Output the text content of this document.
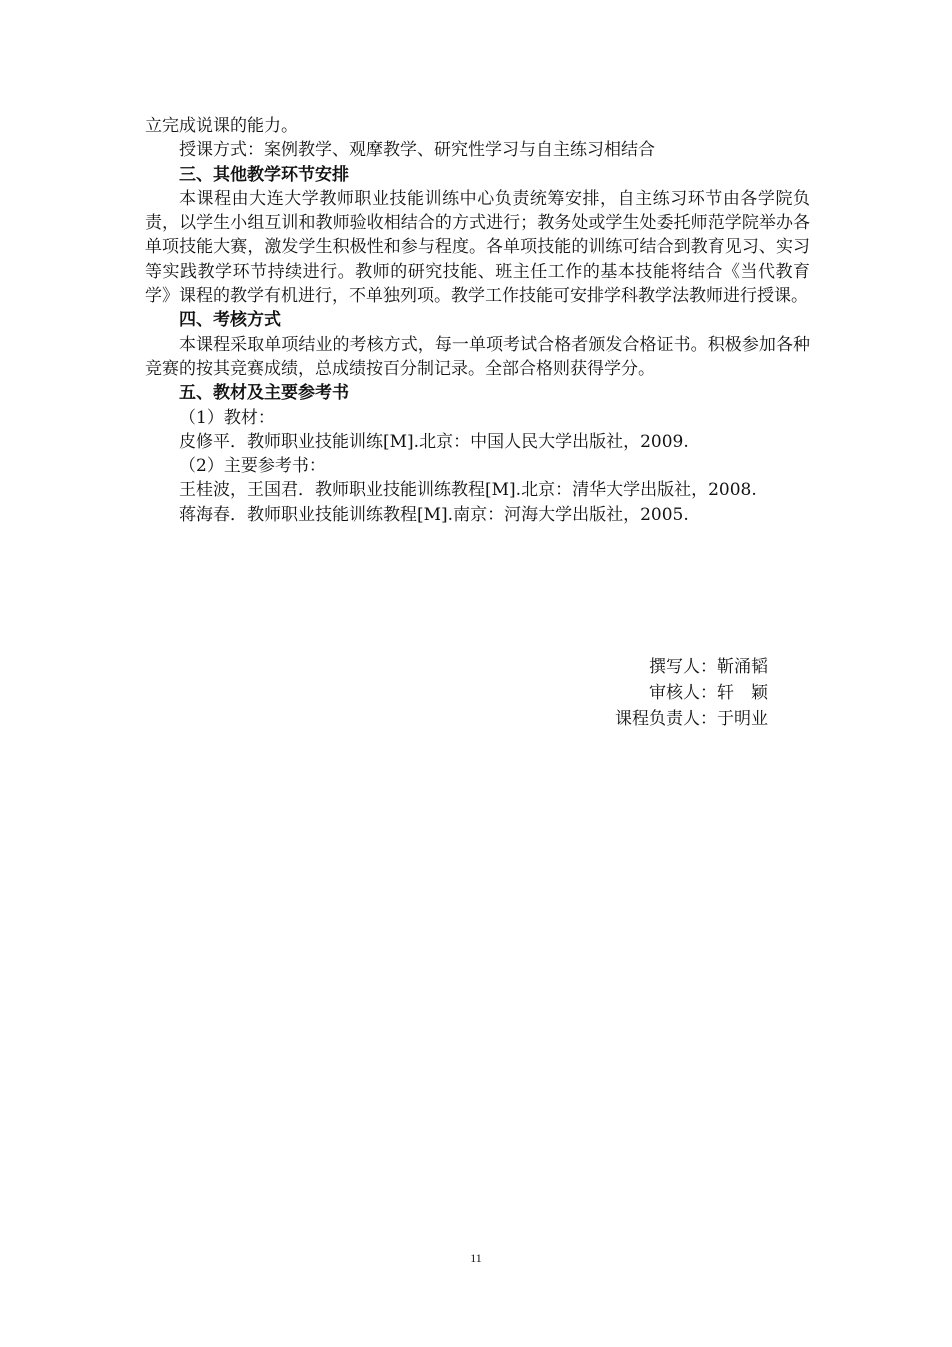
立完成说课的能力。

授课方式：案例教学、观摩教学、研究性学习与自主练习相结合

三、其他教学环节安排

本课程由大连大学教师职业技能训练中心负责统筹安排，自主练习环节由各学院负责，以学生小组互训和教师验收相结合的方式进行；教务处或学生处委托师范学院举办各单项技能大赛，激发学生积极性和参与程度。各单项技能的训练可结合到教育见习、实习等实践教学环节持续进行。教师的研究技能、班主任工作的基本技能将结合《当代教育学》课程的教学有机进行，不单独列项。教学工作技能可安排学科教学法教师进行授课。

四、考核方式

本课程采取单项结业的考核方式，每一单项考试合格者颁发合格证书。积极参加各种竞赛的按其竞赛成绩，总成绩按百分制记录。全部合格则获得学分。

五、教材及主要参考书

（1）教材：

皮修平．教师职业技能训练[M].北京：中国人民大学出版社，2009.

（2）主要参考书：

王桂波，王国君．教师职业技能训练教程[M].北京：清华大学出版社，2008.

蒋海春．教师职业技能训练教程[M].南京：河海大学出版社，2005.

撰写人：靳涌韬
审核人：轩　颖
课程负责人：于明业
11
